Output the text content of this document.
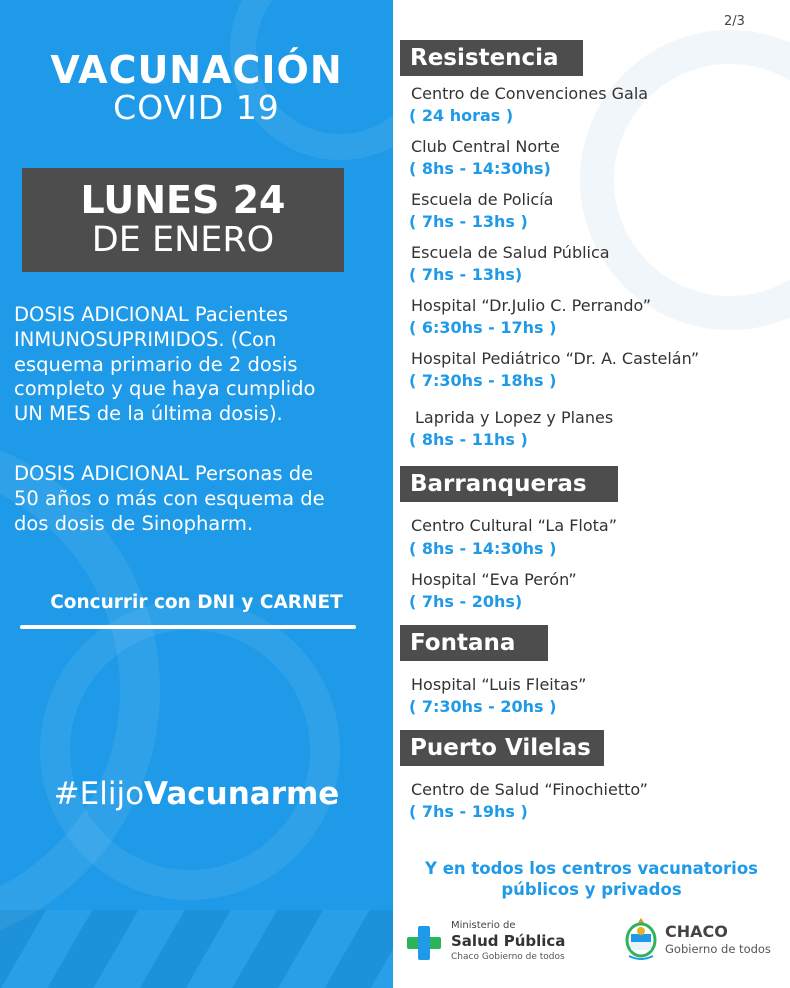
VACUNACIÓN
COVID 19
LUNES 24
DE ENERO
DOSIS ADICIONAL Pacientes
INMUNOSUPRIMIDOS. (Con
esquema primario de 2 dosis
completo y que haya cumplido
UN MES de la última dosis).
DOSIS ADICIONAL Personas de
50 años o más con esquema de
dos dosis de Sinopharm.
Concurrir con DNI y CARNET
#ElijoVacunarme
2/3
Resistencia
Centro de Convenciones Gala
( 24 horas )
Club Central Norte
( 8hs - 14:30hs)
Escuela de Policía
( 7hs - 13hs )
Escuela de Salud Pública
( 7hs - 13hs)
Hospital “Dr.Julio C. Perrando”
( 6:30hs - 17hs )
Hospital Pediátrico “Dr. A. Castelán”
( 7:30hs - 18hs )
Laprida y Lopez y Planes
( 8hs - 11hs )
Barranqueras
Centro Cultural “La Flota”
( 8hs - 14:30hs )
Hospital “Eva Perón”
( 7hs - 20hs)
Fontana
Hospital “Luis Fleitas”
( 7:30hs - 20hs )
Puerto Vilelas
Centro de Salud “Finochietto”
( 7hs - 19hs )
Y en todos los centros vacunatorios
públicos y privados
Ministerio de
Salud Pública
Chaco Gobierno de todos
CHACO
Gobierno de todos
